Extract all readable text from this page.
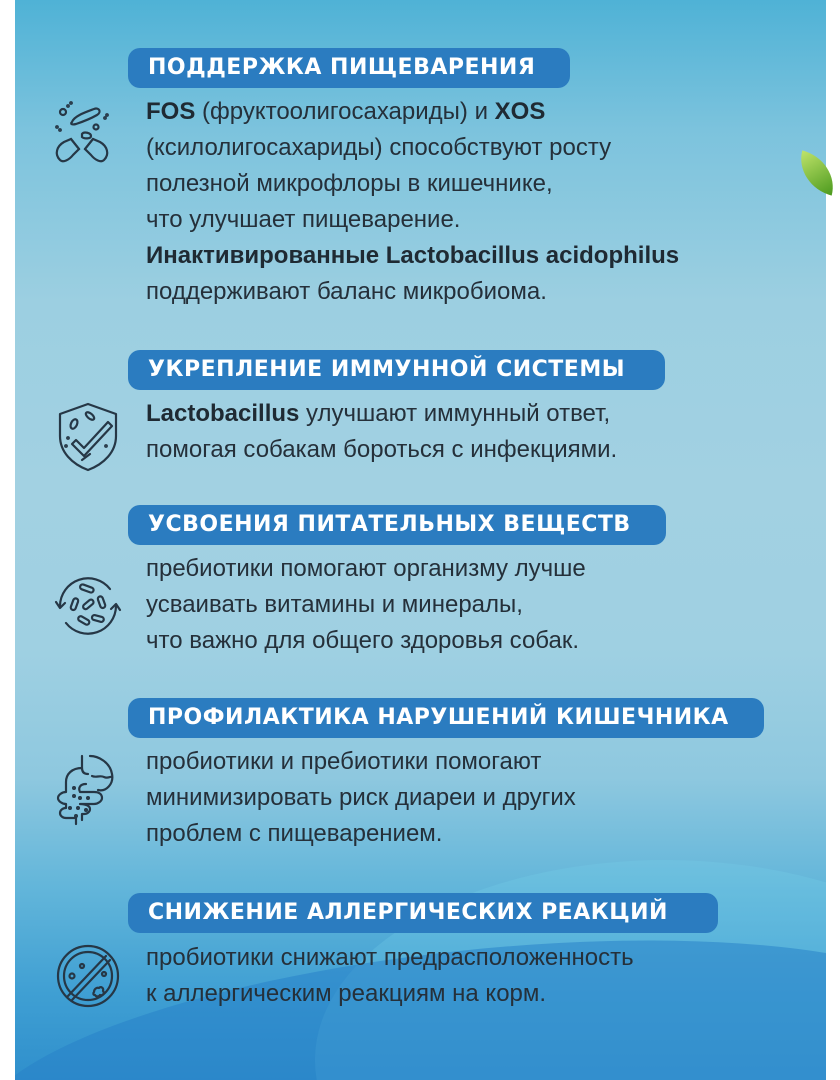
ПОДДЕРЖКА ПИЩЕВАРЕНИЯ
FOS (фруктоолигосахариды) и XOS
(ксилолигосахариды) способствуют росту
полезной микрофлоры в кишечнике,
что улучшает пищеварение.
Инактивированные Lactobacillus acidophilus
поддерживают баланс микробиома.
УКРЕПЛЕНИЕ ИММУННОЙ СИСТЕМЫ
Lactobacillus улучшают иммунный ответ,
помогая собакам бороться с инфекциями.
УСВОЕНИЯ ПИТАТЕЛЬНЫХ ВЕЩЕСТВ
пребиотики помогают организму лучше
усваивать витамины и минералы,
что важно для общего здоровья собак.
ПРОФИЛАКТИКА НАРУШЕНИЙ КИШЕЧНИКА
пробиотики и пребиотики помогают
минимизировать риск диареи и других
проблем с пищеварением.
СНИЖЕНИЕ АЛЛЕРГИЧЕСКИХ РЕАКЦИЙ
пробиотики снижают предрасположенность
к аллергическим реакциям на корм.
